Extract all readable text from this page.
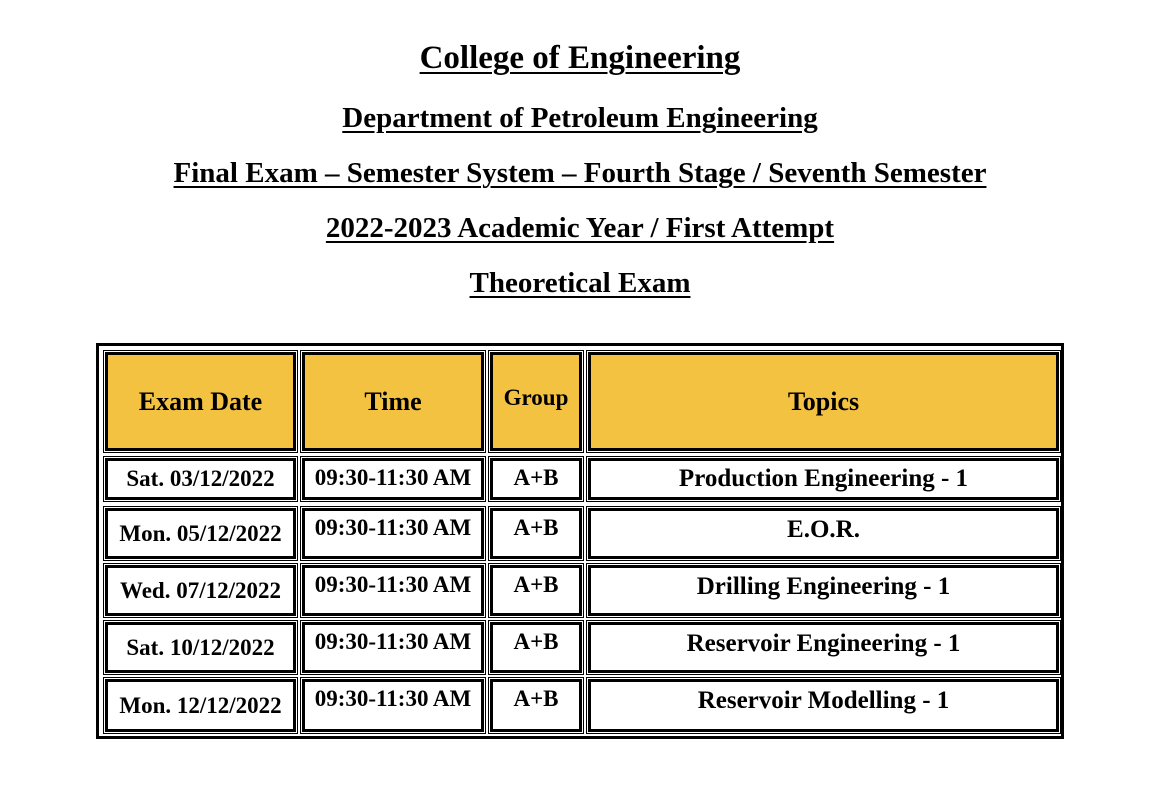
College of Engineering
Department of Petroleum Engineering
Final Exam – Semester System – Fourth Stage / Seventh Semester
2022-2023 Academic Year / First Attempt
Theoretical Exam
Exam Date	Time	Group	Topics
Sat. 03/12/2022	09:30-11:30 AM	A+B	Production Engineering - 1
Mon. 05/12/2022	09:30-11:30 AM	A+B	E.O.R.
Wed. 07/12/2022	09:30-11:30 AM	A+B	Drilling Engineering - 1
Sat. 10/12/2022	09:30-11:30 AM	A+B	Reservoir Engineering - 1
Mon. 12/12/2022	09:30-11:30 AM	A+B	Reservoir Modelling - 1
